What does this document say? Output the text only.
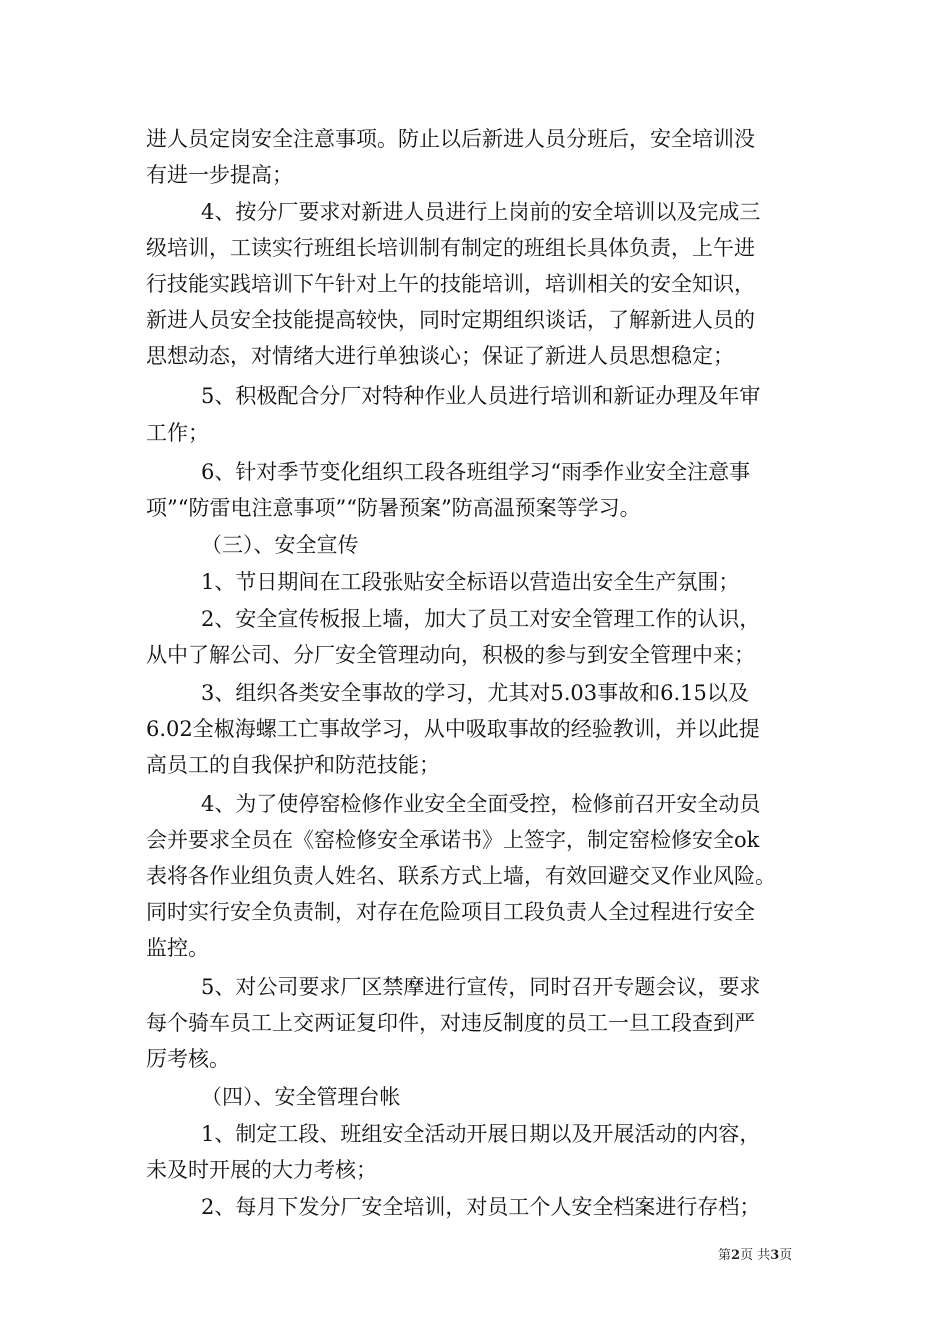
进人员定岗安全注意事项。防止以后新进人员分班后，安全培训没
有进一步提高；
4、按分厂要求对新进人员进行上岗前的安全培训以及完成三
级培训，工读实行班组长培训制有制定的班组长具体负责，上午进
行技能实践培训下午针对上午的技能培训，培训相关的安全知识，
新进人员安全技能提高较快，同时定期组织谈话，了解新进人员的
思想动态，对情绪大进行单独谈心；保证了新进人员思想稳定；
5、积极配合分厂对特种作业人员进行培训和新证办理及年审
工作；
6、针对季节变化组织工段各班组学习“雨季作业安全注意事
项”“防雷电注意事项”“防暑预案”防高温预案等学习。
（三）、安全宣传
1、节日期间在工段张贴安全标语以营造出安全生产氛围；
2、安全宣传板报上墙，加大了员工对安全管理工作的认识，
从中了解公司、分厂安全管理动向，积极的参与到安全管理中来；
3、组织各类安全事故的学习，尤其对5.03事故和6.15以及
6.02全椒海螺工亡事故学习，从中吸取事故的经验教训，并以此提
高员工的自我保护和防范技能；
4、为了使停窑检修作业安全全面受控，检修前召开安全动员
会并要求全员在《窑检修安全承诺书》上签字，制定窑检修安全ok
表将各作业组负责人姓名、联系方式上墙，有效回避交叉作业风险。
同时实行安全负责制，对存在危险项目工段负责人全过程进行安全
监控。
5、对公司要求厂区禁摩进行宣传，同时召开专题会议，要求
每个骑车员工上交两证复印件，对违反制度的员工一旦工段查到严
厉考核。
（四）、安全管理台帐
1、制定工段、班组安全活动开展日期以及开展活动的内容，
未及时开展的大力考核；
2、每月下发分厂安全培训，对员工个人安全档案进行存档；
第2页 共3页
